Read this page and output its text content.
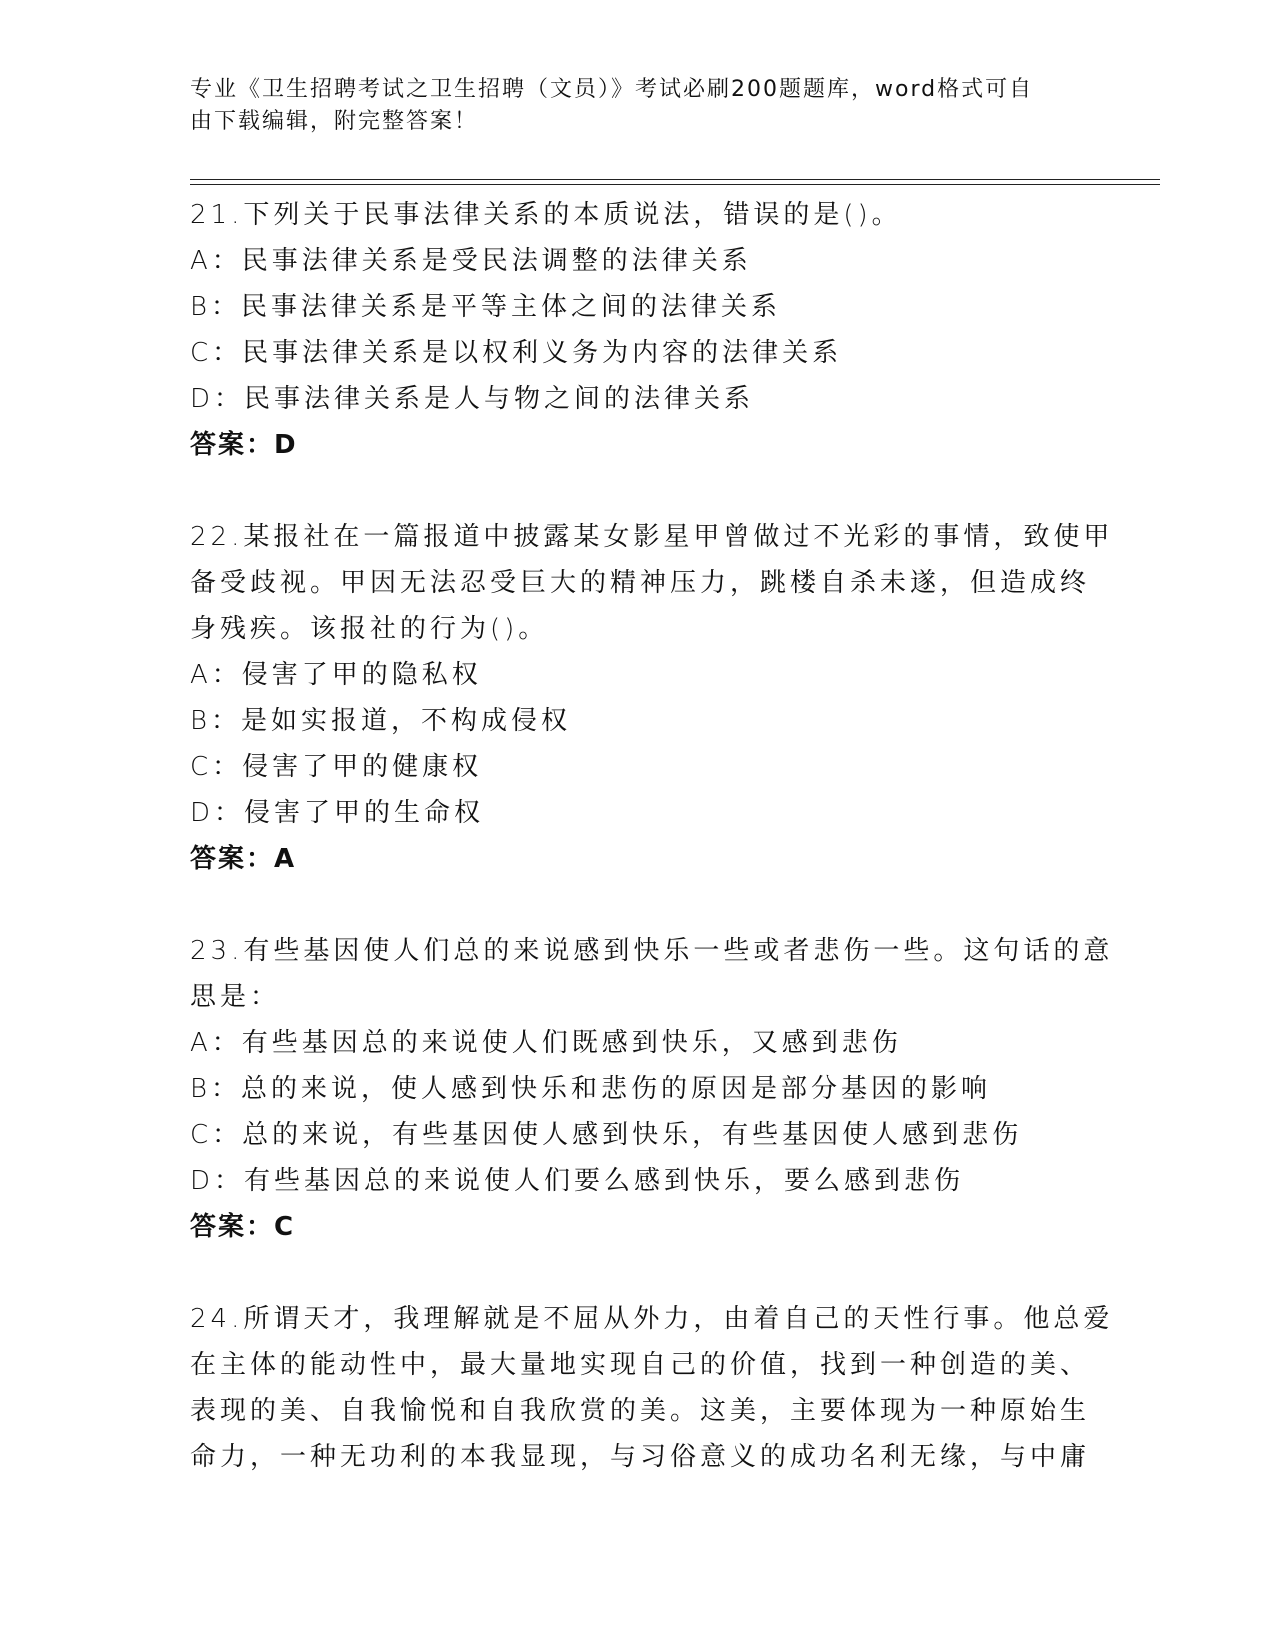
专业《卫生招聘考试之卫生招聘（文员）》考试必刷200题题库，word格式可自
由下载编辑，附完整答案！
21.下列关于民事法律关系的本质说法，错误的是()。
A：民事法律关系是受民法调整的法律关系
B：民事法律关系是平等主体之间的法律关系
C：民事法律关系是以权利义务为内容的法律关系
D：民事法律关系是人与物之间的法律关系
答案：D
22.某报社在一篇报道中披露某女影星甲曾做过不光彩的事情，致使甲
备受歧视。甲因无法忍受巨大的精神压力，跳楼自杀未遂，但造成终
身残疾。该报社的行为()。
A：侵害了甲的隐私权
B：是如实报道，不构成侵权
C：侵害了甲的健康权
D：侵害了甲的生命权
答案：A
23.有些基因使人们总的来说感到快乐一些或者悲伤一些。这句话的意
思是：
A：有些基因总的来说使人们既感到快乐，又感到悲伤
B：总的来说，使人感到快乐和悲伤的原因是部分基因的影响
C：总的来说，有些基因使人感到快乐，有些基因使人感到悲伤
D：有些基因总的来说使人们要么感到快乐，要么感到悲伤
答案：C
24.所谓天才，我理解就是不屈从外力，由着自己的天性行事。他总爱
在主体的能动性中，最大量地实现自己的价值，找到一种创造的美、
表现的美、自我愉悦和自我欣赏的美。这美，主要体现为一种原始生
命力，一种无功利的本我显现，与习俗意义的成功名利无缘，与中庸
